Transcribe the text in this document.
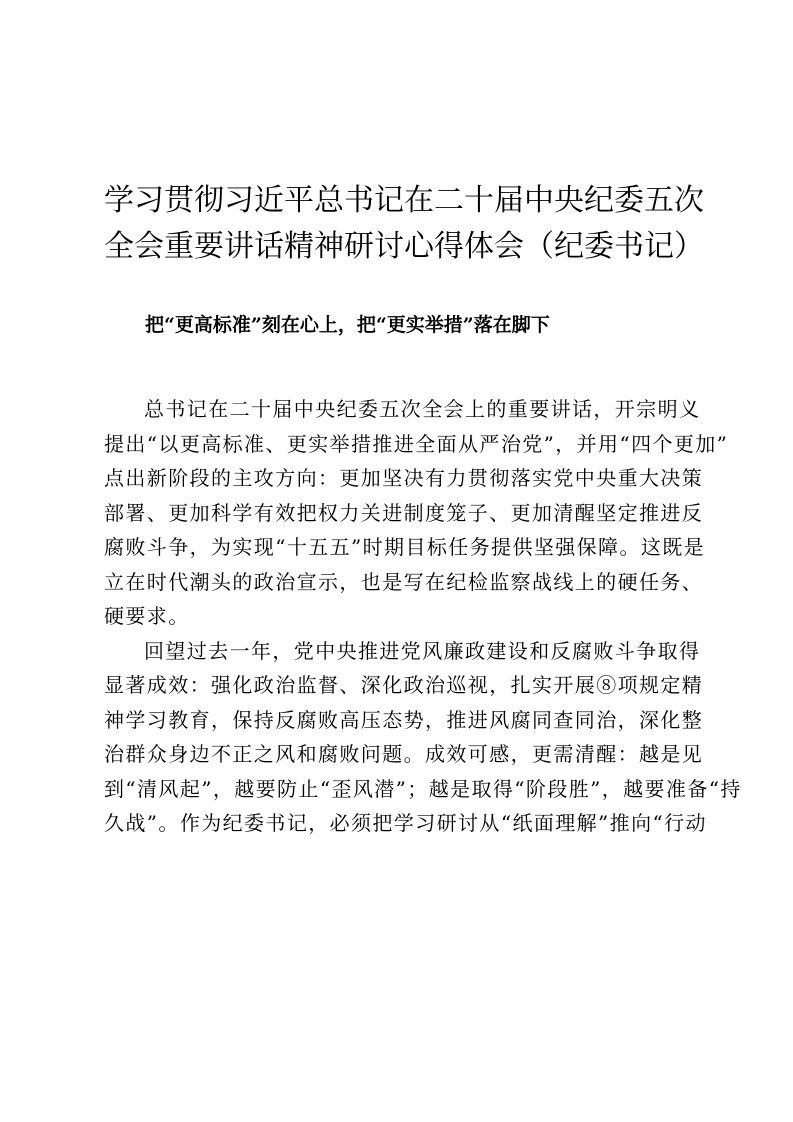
学习贯彻习近平总书记在二十届中央纪委五次
全会重要讲话精神研讨心得体会（纪委书记）

把“更高标准”刻在心上，把“更实举措”落在脚下

总书记在二十届中央纪委五次全会上的重要讲话，开宗明义
提出“以更高标准、更实举措推进全面从严治党”，并用“四个更加”
点出新阶段的主攻方向：更加坚决有力贯彻落实党中央重大决策
部署、更加科学有效把权力关进制度笼子、更加清醒坚定推进反
腐败斗争，为实现“十五五”时期目标任务提供坚强保障。这既是
立在时代潮头的政治宣示，也是写在纪检监察战线上的硬任务、
硬要求。
回望过去一年，党中央推进党风廉政建设和反腐败斗争取得
显著成效：强化政治监督、深化政治巡视，扎实开展⑧项规定精
神学习教育，保持反腐败高压态势，推进风腐同查同治，深化整
治群众身边不正之风和腐败问题。成效可感，更需清醒：越是见
到“清风起”，越要防止“歪风潜”；越是取得“阶段胜”，越要准备“持
久战”。作为纪委书记，必须把学习研讨从“纸面理解”推向“行动
